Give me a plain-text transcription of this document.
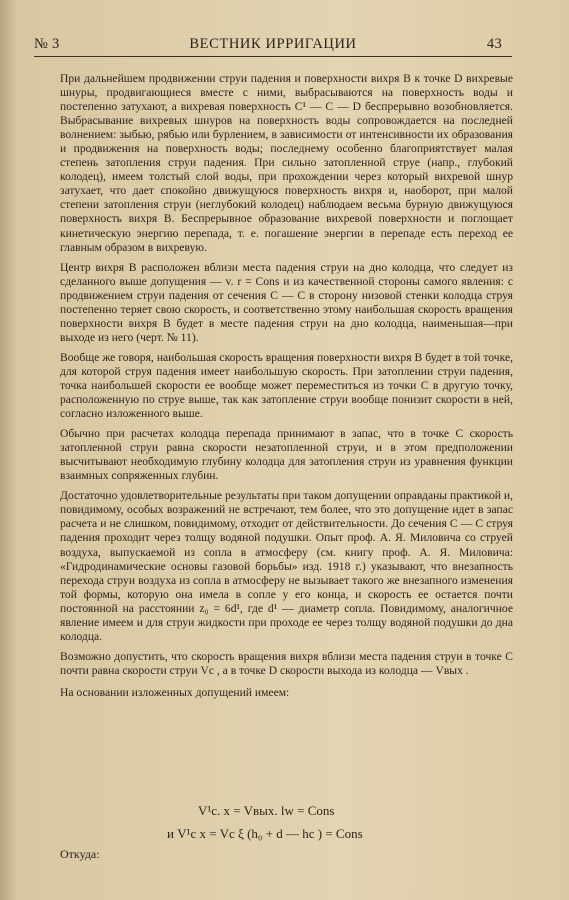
№ 3	ВЕСТНИК ИРРИГАЦИИ	43

При дальнейшем продвижении струи падения и поверхности вихря В к точке D вихревые шнуры, продвигающиеся вместе с ними, выбрасываются на поверхность воды и постепенно затухают, а вихревая поверхность C¹ — C — D беспрерывно возобновляется. Выбрасывание вихревых шнуров на поверхность воды сопровождается на последней волнением: зыбью, рябью или бурлением, в зависимости от интенсивности их образования и продвижения на поверхность воды; последнему особенно благоприятствует малая степень затопления струи падения. При сильно затопленной струе (напр., глубокий колодец), имеем толстый слой воды, при прохождении через который вихревой шнур затухает, что дает спокойно движущуюся поверхность вихря и, наоборот, при малой степени затопления струи (неглубокий колодец) наблюдаем весьма бурную движущуюся поверхность вихря В. Беспрерывное образование вихревой поверхности и поглощает кинетическую энергию перепада, т. е. погашение энергии в перепаде есть переход ее главным образом в вихревую.

Центр вихря В расположен вблизи места падения струи на дно колодца, что следует из сделанного выше допущения — v. r = Cons и из качественной стороны самого явления: с продвижением струи падения от сечения C — C в сторону низовой стенки колодца струя постепенно теряет свою скорость, и соответственно этому наибольшая скорость вращения поверхности вихря В будет в месте падения струи на дно колодца, наименьшая—при выходе из него (черт. № 11).

Вообще же говоря, наибольшая скорость вращения поверхности вихря В будет в той точке, для которой струя падения имеет наибольшую скорость. При затоплении струи падения, точка наибольшей скорости ее вообще может переместиться из точки С в другую точку, расположенную по струе выше, так как затопление струи вообще понизит скорости в ней, согласно изложенного выше.

Обычно при расчетах колодца перепада принимают в запас, что в точке С скорость затопленной струи равна скорости незатопленной струи, и в этом предположении высчитывают необходимую глубину колодца для затопления струи из уравнения функции взаимных сопряженных глубин.

Достаточно удовлетворительные результаты при таком допущении оправданы практикой и, повидимому, особых возражений не встречают, тем более, что это допущение идет в запас расчета и не слишком, повидимому, отходит от действительности. До сечения C — C струя падения проходит через толщу водяной подушки. Опыт проф. А. Я. Миловича со струей воздуха, выпускаемой из сопла в атмосферу (см. книгу проф. А. Я. Миловича: «Гидродинамические основы газовой борьбы» изд. 1918 г.) указывают, что внезапность перехода струи воздуха из сопла в атмосферу не вызывает такого же внезапного изменения той формы, которую она имела в сопле у его конца, и скорость ее остается почти постоянной на расстоянии z₀ = 6d¹, где d¹ — диаметр сопла. Повидимому, аналогичное явление имеем и для струи жидкости при проходе ее через толщу водяной подушки до дна колодца.

Возможно допустить, что скорость вращения вихря вблизи места падения струи в точке С почти равна скорости струи Vc , а в точке D скорости выхода из колодца — Vвых .

На основании изложенных допущений имеем:

V¹c. x = Vвых. lw = Cons
и V¹c x = Vc ξ (h₀ + d — hc ) = Cons
Откуда:
